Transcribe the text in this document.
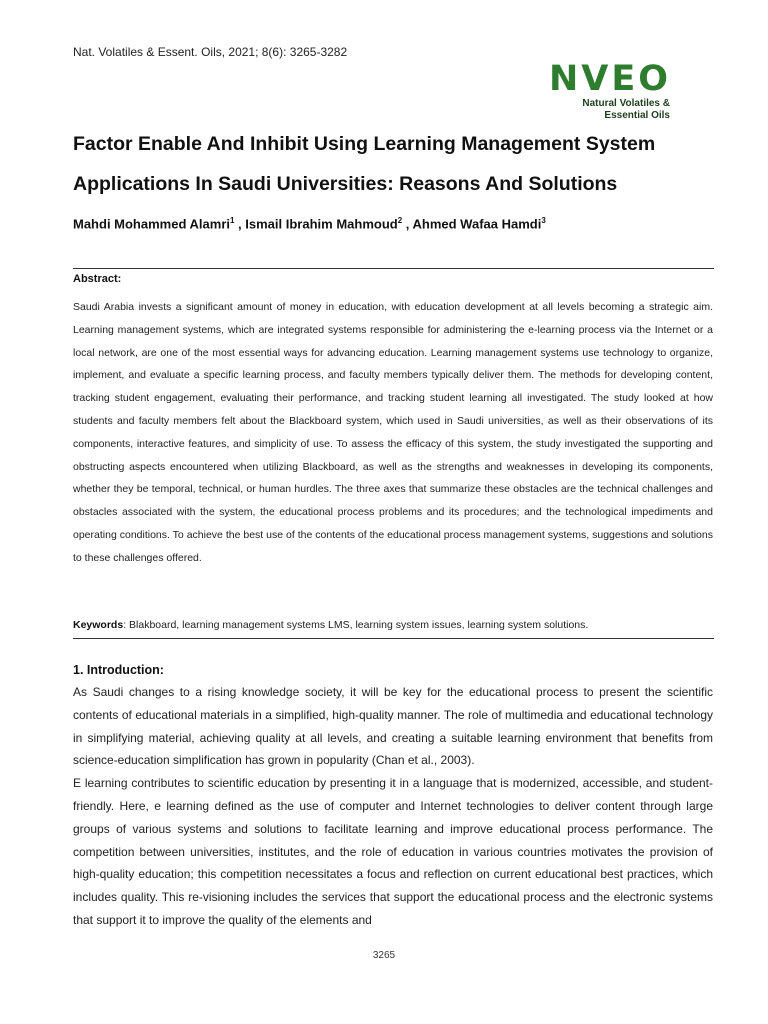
Nat. Volatiles & Essent. Oils, 2021; 8(6): 3265-3282
NVEO
Natural Volatiles &
Essential Oils
Factor Enable And Inhibit Using Learning Management System Applications In Saudi Universities: Reasons And Solutions
Mahdi Mohammed Alamri$^1$ , Ismail Ibrahim Mahmoud$^2$ , Ahmed Wafaa Hamdi$^3$
Abstract:

Saudi Arabia invests a significant amount of money in education, with education development at all levels becoming a strategic aim. Learning management systems, which are integrated systems responsible for administering the e-learning process via the Internet or a local network, are one of the most essential ways for advancing education. Learning management systems use technology to organize, implement, and evaluate a specific learning process, and faculty members typically deliver them. The methods for developing content, tracking student engagement, evaluating their performance, and tracking student learning all investigated. The study looked at how students and faculty members felt about the Blackboard system, which used in Saudi universities, as well as their observations of its components, interactive features, and simplicity of use. To assess the efficacy of this system, the study investigated the supporting and obstructing aspects encountered when utilizing Blackboard, as well as the strengths and weaknesses in developing its components, whether they be temporal, technical, or human hurdles. The three axes that summarize these obstacles are the technical challenges and obstacles associated with the system, the educational process problems and its procedures; and the technological impediments and operating conditions. To achieve the best use of the contents of the educational process management systems, suggestions and solutions to these challenges offered.

Keywords: Blakboard, learning management systems LMS, learning system issues, learning system solutions.
1. Introduction:

As Saudi changes to a rising knowledge society, it will be key for the educational process to present the scientific contents of educational materials in a simplified, high-quality manner. The role of multimedia and educational technology in simplifying material, achieving quality at all levels, and creating a suitable learning environment that benefits from science-education simplification has grown in popularity (Chan et al., 2003).

E learning contributes to scientific education by presenting it in a language that is modernized, accessible, and student-friendly. Here, e learning defined as the use of computer and Internet technologies to deliver content through large groups of various systems and solutions to facilitate learning and improve educational process performance. The competition between universities, institutes, and the role of education in various countries motivates the provision of high-quality education; this competition necessitates a focus and reflection on current educational best practices, which includes quality. This re-visioning includes the services that support the educational process and the electronic systems that support it to improve the quality of the elements and

3265
